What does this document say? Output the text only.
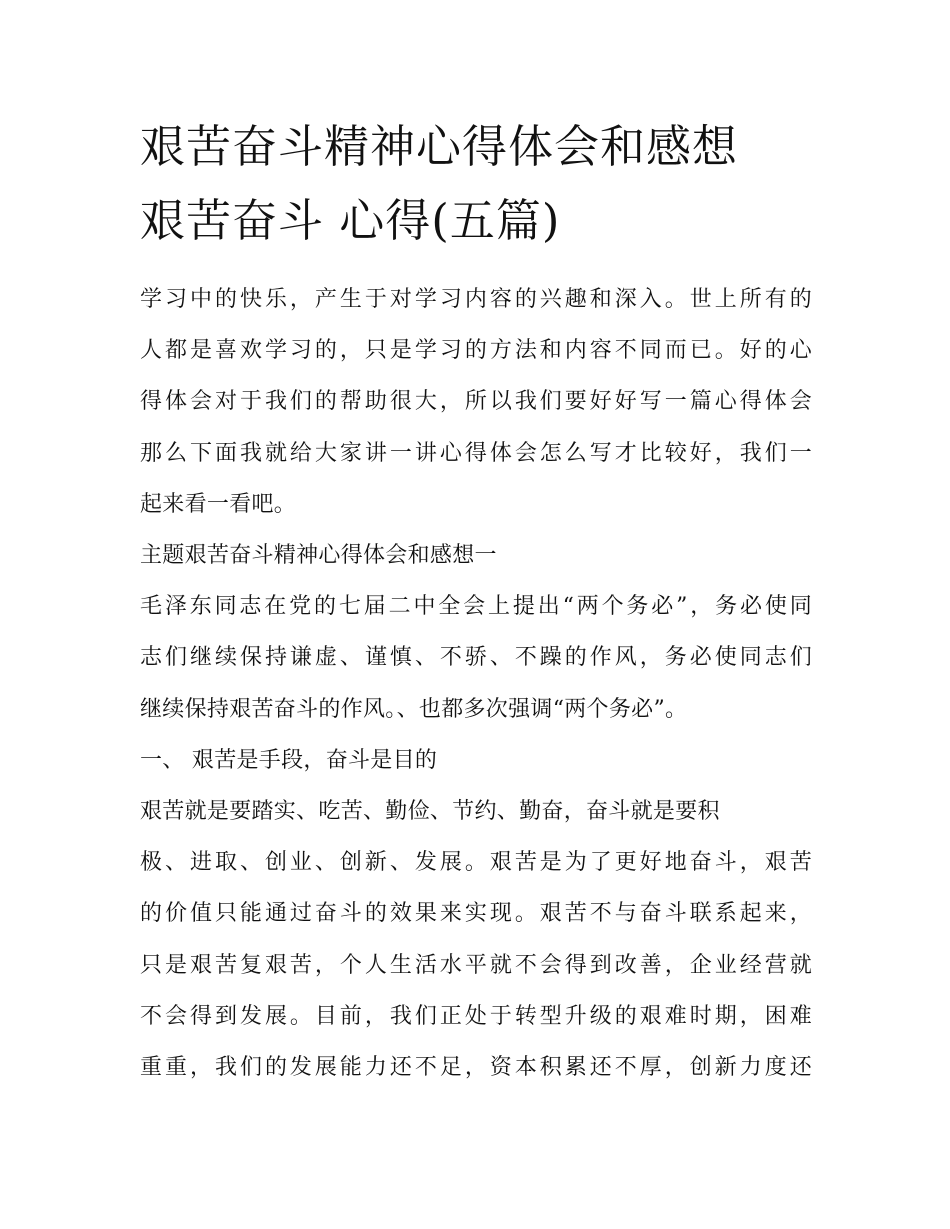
艰苦奋斗精神心得体会和感想
艰苦奋斗 心得(五篇)
学习中的快乐，产生于对学习内容的兴趣和深入。世上所有的
人都是喜欢学习的，只是学习的方法和内容不同而已。好的心
得体会对于我们的帮助很大，所以我们要好好写一篇心得体会
那么下面我就给大家讲一讲心得体会怎么写才比较好，我们一
起来看一看吧。
主题艰苦奋斗精神心得体会和感想一
毛泽东同志在党的七届二中全会上提出“两个务必”，务必使同
志们继续保持谦虚、谨慎、不骄、不躁的作风，务必使同志们
继续保持艰苦奋斗的作风。、也都多次强调“两个务必”。
一、 艰苦是手段，奋斗是目的
艰苦就是要踏实、吃苦、勤俭、节约、勤奋，奋斗就是要积
极、进取、创业、创新、发展。艰苦是为了更好地奋斗，艰苦
的价值只能通过奋斗的效果来实现。艰苦不与奋斗联系起来，
只是艰苦复艰苦，个人生活水平就不会得到改善，企业经营就
不会得到发展。目前，我们正处于转型升级的艰难时期，困难
重重，我们的发展能力还不足，资本积累还不厚，创新力度还
